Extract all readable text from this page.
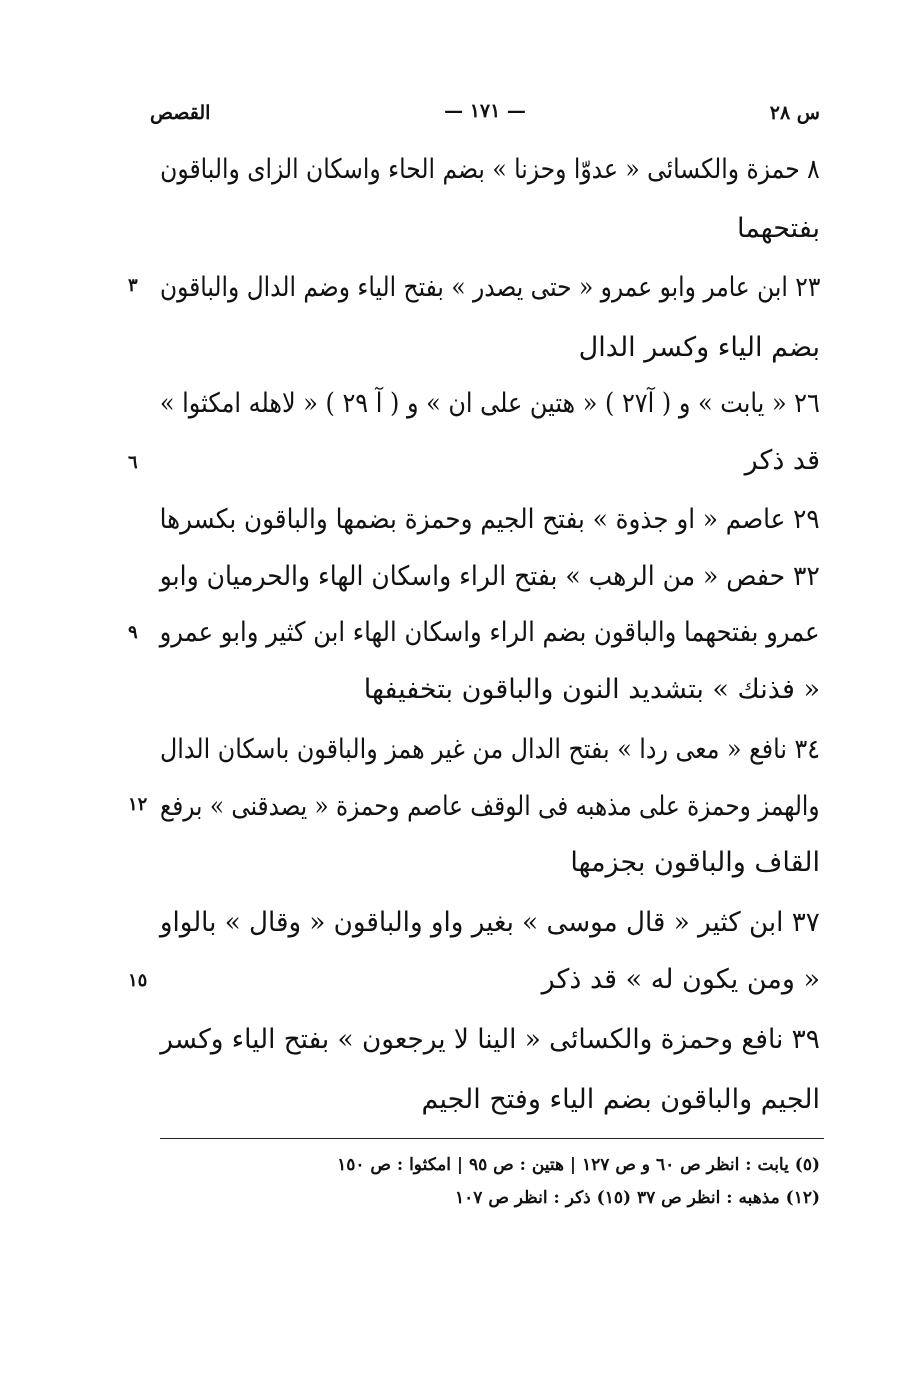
س ٢٨
— ١٧١ —
القصص
٨ حمزة والكسائى « عدوّا وحزنا » بضم الحاء واسكان الزاى والباقون
بفتحهما
٢٣ ابن عامر وابو عمرو « حتى يصدر » بفتح الياء وضم الدال والباقون
بضم الياء وكسر الدال
٢٦ « يابت » و ( آ٢٧ ) « هتين على ان » و ( آ ٢٩ ) « لاهله امكثوا »
قد ذكر
٢٩ عاصم « او جذوة » بفتح الجيم وحمزة بضمها والباقون بكسرها
٣٢ حفص « من الرهب » بفتح الراء واسكان الهاء والحرميان وابو
عمرو بفتحهما والباقون بضم الراء واسكان الهاء ابن كثير وابو عمرو
« فذنك » بتشديد النون والباقون بتخفيفها
٣٤ نافع « معى ردا » بفتح الدال من غير همز والباقون باسكان الدال
والهمز وحمزة على مذهبه فى الوقف عاصم وحمزة « يصدقنى » برفع
القاف والباقون بجزمها
٣٧ ابن كثير « قال موسى » بغير واو والباقون « وقال » بالواو
« ومن يكون له » قد ذكر
٣٩ نافع وحمزة والكسائى « الينا لا يرجعون » بفتح الياء وكسر
الجيم والباقون بضم الياء وفتح الجيم
٣
٦
٩
١٢
١٥
(٥) يابت : انظر ص ٦٠ و ص ١٢٧ | هتين : ص ٩٥ | امكثوا : ص ١٥٠
(١٢) مذهبه : انظر ص ٣٧ (١٥) ذكر : انظر ص ١٠٧
